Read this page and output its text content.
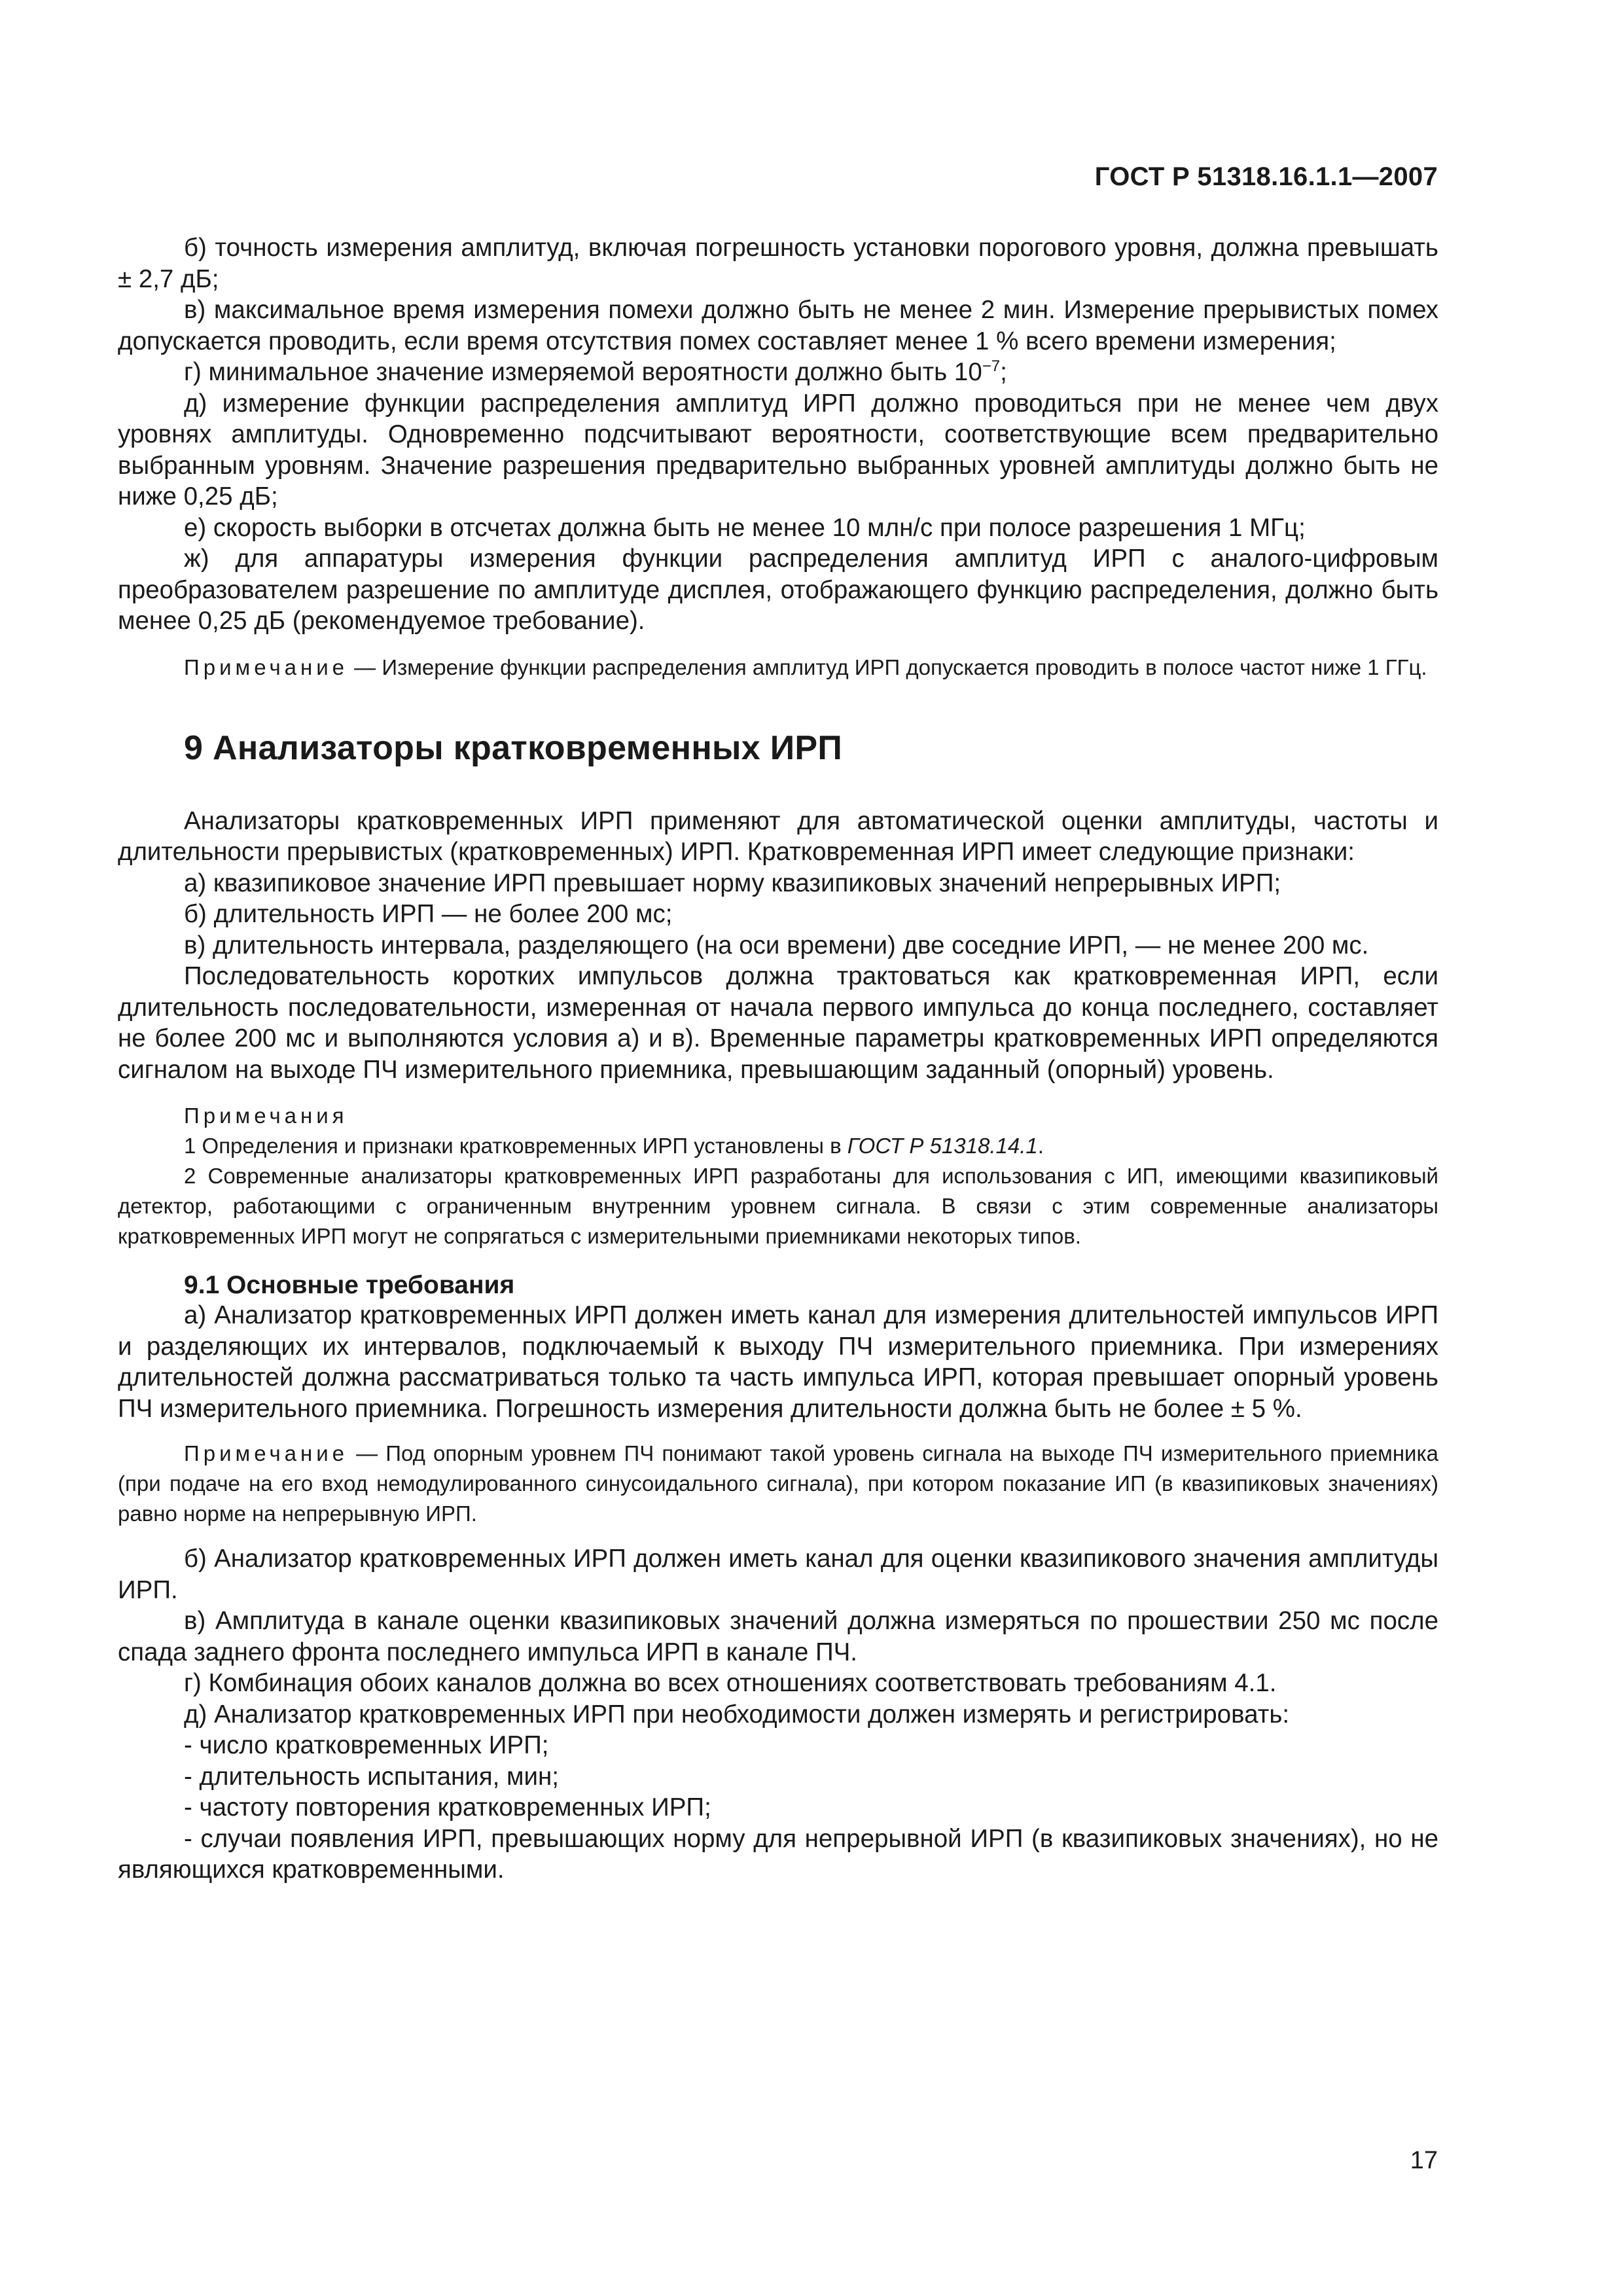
ГОСТ Р 51318.16.1.1—2007

б) точность измерения амплитуд, включая погрешность установки порогового уровня, должна превышать ± 2,7 дБ;

в) максимальное время измерения помехи должно быть не менее 2 мин. Измерение прерывистых помех допускается проводить, если время отсутствия помех составляет менее 1 % всего времени измерения;

г) минимальное значение измеряемой вероятности должно быть $10^{-7}$;

д) измерение функции распределения амплитуд ИРП должно проводиться при не менее чем двух уровнях амплитуды. Одновременно подсчитывают вероятности, соответствующие всем предварительно выбранным уровням. Значение разрешения предварительно выбранных уровней амплитуды должно быть не ниже 0,25 дБ;

е) скорость выборки в отсчетах должна быть не менее 10 млн/с при полосе разрешения 1 МГц;

ж) для аппаратуры измерения функции распределения амплитуд ИРП с аналого-цифровым преобразователем разрешение по амплитуде дисплея, отображающего функцию распределения, должно быть менее 0,25 дБ (рекомендуемое требование).

Примечание — Измерение функции распределения амплитуд ИРП допускается проводить в полосе частот ниже 1 ГГц.

9 Анализаторы кратковременных ИРП

Анализаторы кратковременных ИРП применяют для автоматической оценки амплитуды, частоты и длительности прерывистых (кратковременных) ИРП. Кратковременная ИРП имеет следующие признаки:

а) квазипиковое значение ИРП превышает норму квазипиковых значений непрерывных ИРП;

б) длительность ИРП — не более 200 мс;

в) длительность интервала, разделяющего (на оси времени) две соседние ИРП, — не менее 200 мс.

Последовательность коротких импульсов должна трактоваться как кратковременная ИРП, если длительность последовательности, измеренная от начала первого импульса до конца последнего, составляет не более 200 мс и выполняются условия а) и в). Временные параметры кратковременных ИРП определяются сигналом на выходе ПЧ измерительного приемника, превышающим заданный (опорный) уровень.

Примечания

1 Определения и признаки кратковременных ИРП установлены в ГОСТ Р 51318.14.1.

2 Современные анализаторы кратковременных ИРП разработаны для использования с ИП, имеющими квазипиковый детектор, работающими с ограниченным внутренним уровнем сигнала. В связи с этим современные анализаторы кратковременных ИРП могут не сопрягаться с измерительными приемниками некоторых типов.

9.1 Основные требования

а) Анализатор кратковременных ИРП должен иметь канал для измерения длительностей импульсов ИРП и разделяющих их интервалов, подключаемый к выходу ПЧ измерительного приемника. При измерениях длительностей должна рассматриваться только та часть импульса ИРП, которая превышает опорный уровень ПЧ измерительного приемника. Погрешность измерения длительности должна быть не более ± 5 %.

Примечание — Под опорным уровнем ПЧ понимают такой уровень сигнала на выходе ПЧ измерительного приемника (при подаче на его вход немодулированного синусоидального сигнала), при котором показание ИП (в квазипиковых значениях) равно норме на непрерывную ИРП.

б) Анализатор кратковременных ИРП должен иметь канал для оценки квазипикового значения амплитуды ИРП.

в) Амплитуда в канале оценки квазипиковых значений должна измеряться по прошествии 250 мс после спада заднего фронта последнего импульса ИРП в канале ПЧ.

г) Комбинация обоих каналов должна во всех отношениях соответствовать требованиям 4.1.

д) Анализатор кратковременных ИРП при необходимости должен измерять и регистрировать:

- число кратковременных ИРП;

- длительность испытания, мин;

- частоту повторения кратковременных ИРП;

- случаи появления ИРП, превышающих норму для непрерывной ИРП (в квазипиковых значениях), но не являющихся кратковременными.

17
